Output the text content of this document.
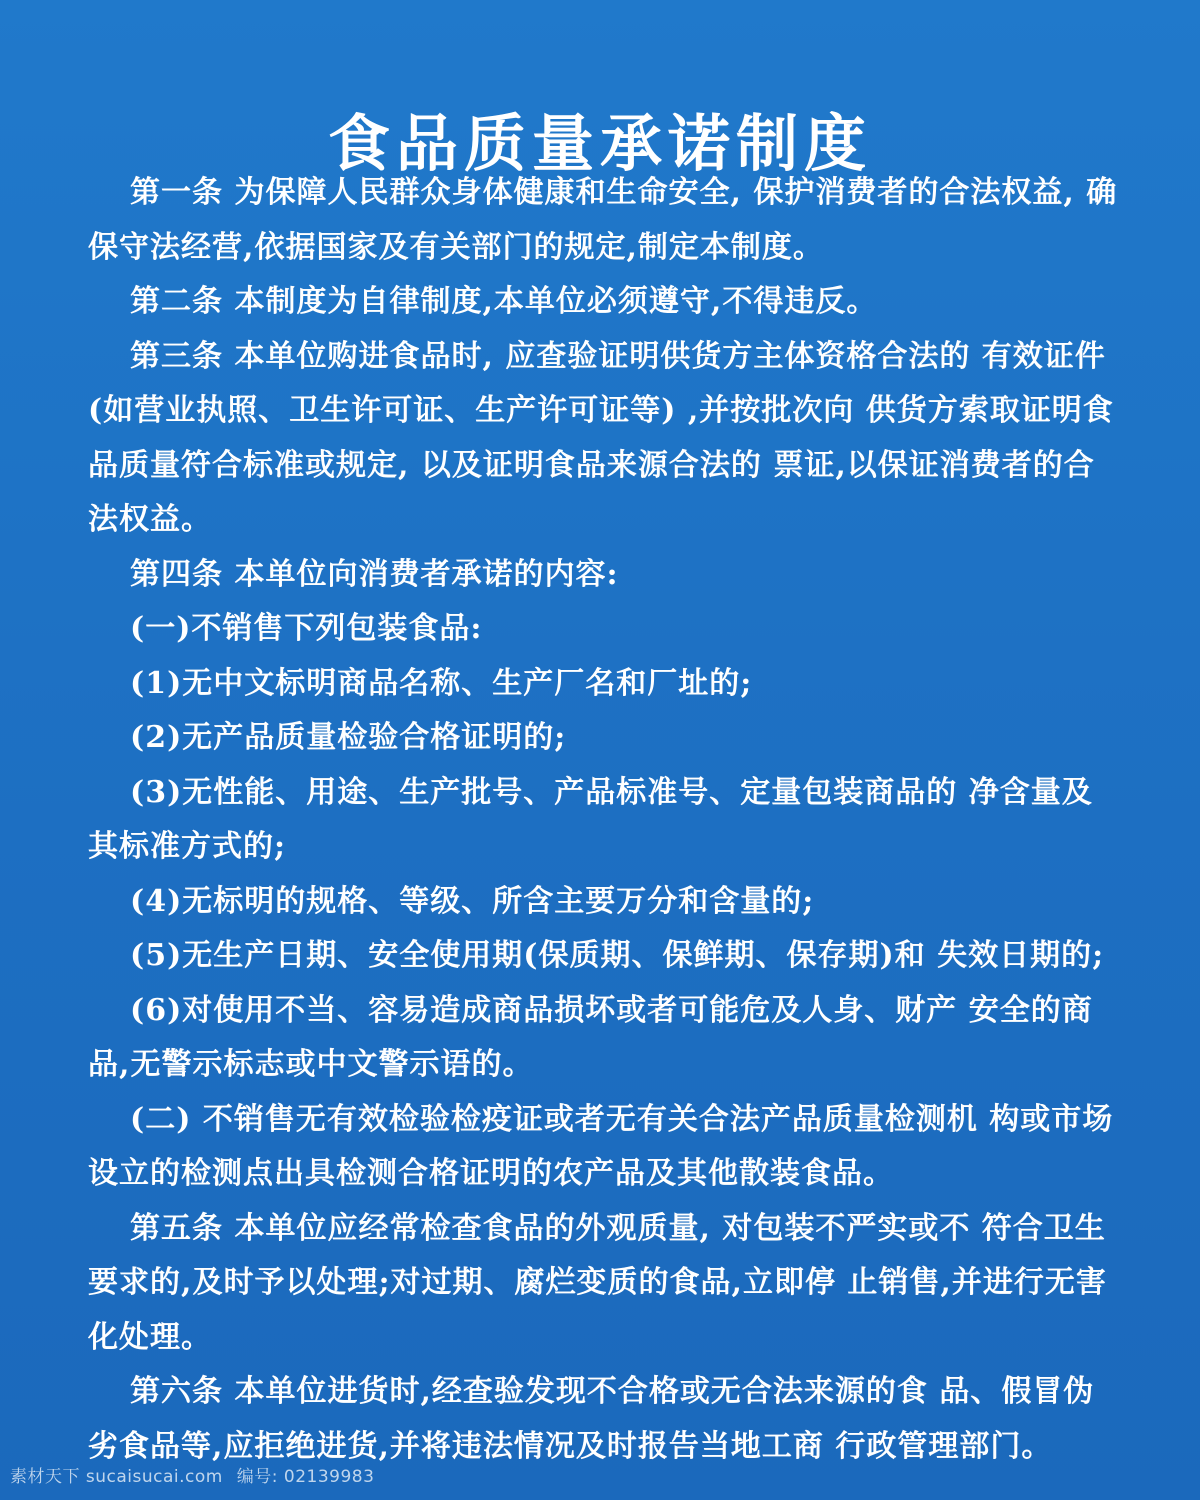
食品质量承诺制度

第一条 为保障人民群众身体健康和生命安全, 保护消费者的合法权益, 确保守法经营,依据国家及有关部门的规定,制定本制度。

第二条 本制度为自律制度,本单位必须遵守,不得违反。

第三条 本单位购进食品时, 应查验证明供货方主体资格合法的 有效证件(如营业执照、卫生许可证、生产许可证等) ,并按批次向 供货方索取证明食品质量符合标准或规定, 以及证明食品来源合法的 票证,以保证消费者的合法权益。

第四条 本单位向消费者承诺的内容:

(一)不销售下列包装食品:

(1)无中文标明商品名称、生产厂名和厂址的;

(2)无产品质量检验合格证明的;

(3)无性能、用途、生产批号、产品标准号、定量包装商品的 净含量及其标准方式的;

(4)无标明的规格、等级、所含主要万分和含量的;

(5)无生产日期、安全使用期(保质期、保鲜期、保存期)和 失效日期的;

(6)对使用不当、容易造成商品损坏或者可能危及人身、财产 安全的商品,无警示标志或中文警示语的。

(二) 不销售无有效检验检疫证或者无有关合法产品质量检测机 构或市场设立的检测点出具检测合格证明的农产品及其他散装食品。

第五条 本单位应经常检查食品的外观质量, 对包装不严实或不 符合卫生要求的,及时予以处理;对过期、腐烂变质的食品,立即停 止销售,并进行无害化处理。

第六条 本单位进货时,经查验发现不合格或无合法来源的食 品、假冒伪劣食品等,应拒绝进货,并将违法情况及时报告当地工商 行政管理部门。

素材天下 sucaisucai.com 编号: 02139983
